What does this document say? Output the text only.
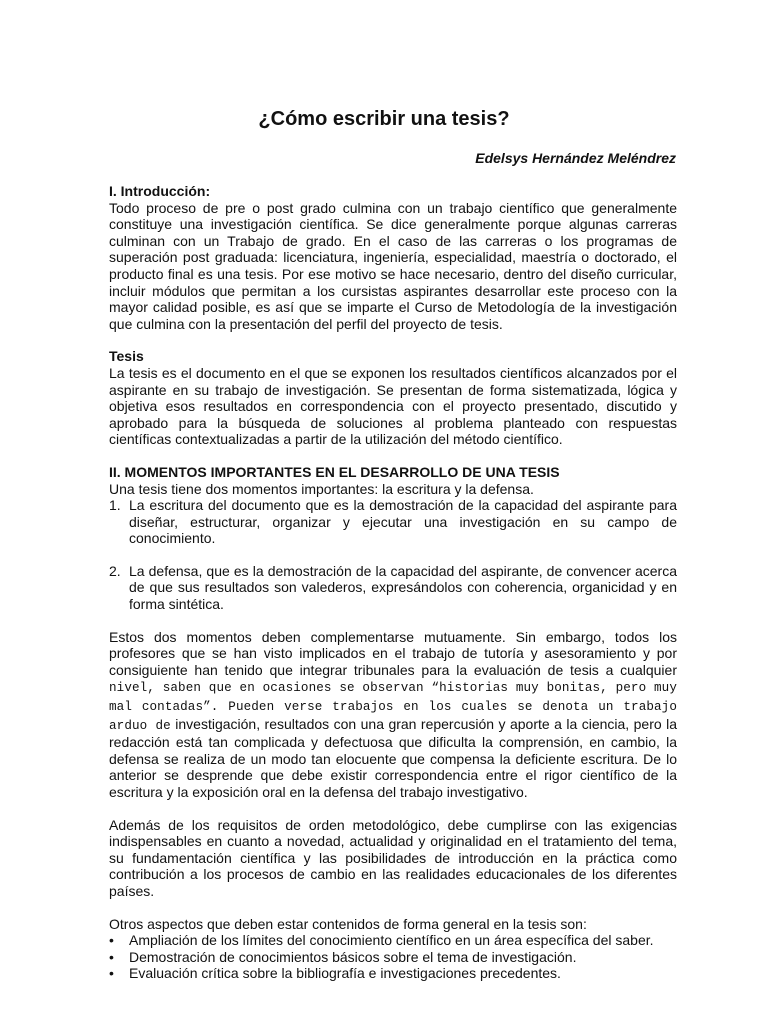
¿Cómo escribir una tesis?
Edelsys Hernández Meléndrez
I. Introducción:

Todo proceso de pre o post grado culmina con un trabajo científico que generalmente constituye una investigación científica. Se dice generalmente porque algunas carreras culminan con un Trabajo de grado. En el caso de las carreras o los programas de superación post graduada: licenciatura, ingeniería, especialidad, maestría o doctorado, el producto final es una tesis. Por ese motivo se hace necesario, dentro del diseño curricular, incluir módulos que permitan a los cursistas aspirantes desarrollar este proceso con la mayor calidad posible, es así que se imparte el Curso de Metodología de la investigación que culmina con la presentación del perfil del proyecto de tesis.

Tesis

La tesis es el documento en el que se exponen los resultados científicos alcanzados por el aspirante en su trabajo de investigación. Se presentan de forma sistematizada, lógica y objetiva esos resultados en correspondencia con el proyecto presentado, discutido y aprobado para la búsqueda de soluciones al problema planteado con respuestas científicas contextualizadas a partir de la utilización del método científico.

II. MOMENTOS IMPORTANTES EN EL DESARROLLO DE UNA TESIS

Una tesis tiene dos momentos importantes: la escritura y la defensa.

1. La escritura del documento que es la demostración de la capacidad del aspirante para diseñar, estructurar, organizar y ejecutar una investigación en su campo de conocimiento.
2. La defensa, que es la demostración de la capacidad del aspirante, de convencer acerca de que sus resultados son valederos, expresándolos con coherencia, organicidad y en forma sintética.

Estos dos momentos deben complementarse mutuamente. Sin embargo, todos los profesores que se han visto implicados en el trabajo de tutoría y asesoramiento y por consiguiente han tenido que integrar tribunales para la evaluación de tesis a cualquier nivel, saben que en ocasiones se observan “historias muy bonitas, pero muy mal contadas”. Pueden verse trabajos en los cuales se denota un trabajo arduo de investigación, resultados con una gran repercusión y aporte a la ciencia, pero la redacción está tan complicada y defectuosa que dificulta la comprensión, en cambio, la defensa se realiza de un modo tan elocuente que compensa la deficiente escritura. De lo anterior se desprende que debe existir correspondencia entre el rigor científico de la escritura y la exposición oral en la defensa del trabajo investigativo.

Además de los requisitos de orden metodológico, debe cumplirse con las exigencias indispensables en cuanto a novedad, actualidad y originalidad en el tratamiento del tema, su fundamentación científica y las posibilidades de introducción en la práctica como contribución a los procesos de cambio en las realidades educacionales de los diferentes países.

Otros aspectos que deben estar contenidos de forma general en la tesis son:

• Ampliación de los límites del conocimiento científico en un área específica del saber.
• Demostración de conocimientos básicos sobre el tema de investigación.
• Evaluación crítica sobre la bibliografía e investigaciones precedentes.
